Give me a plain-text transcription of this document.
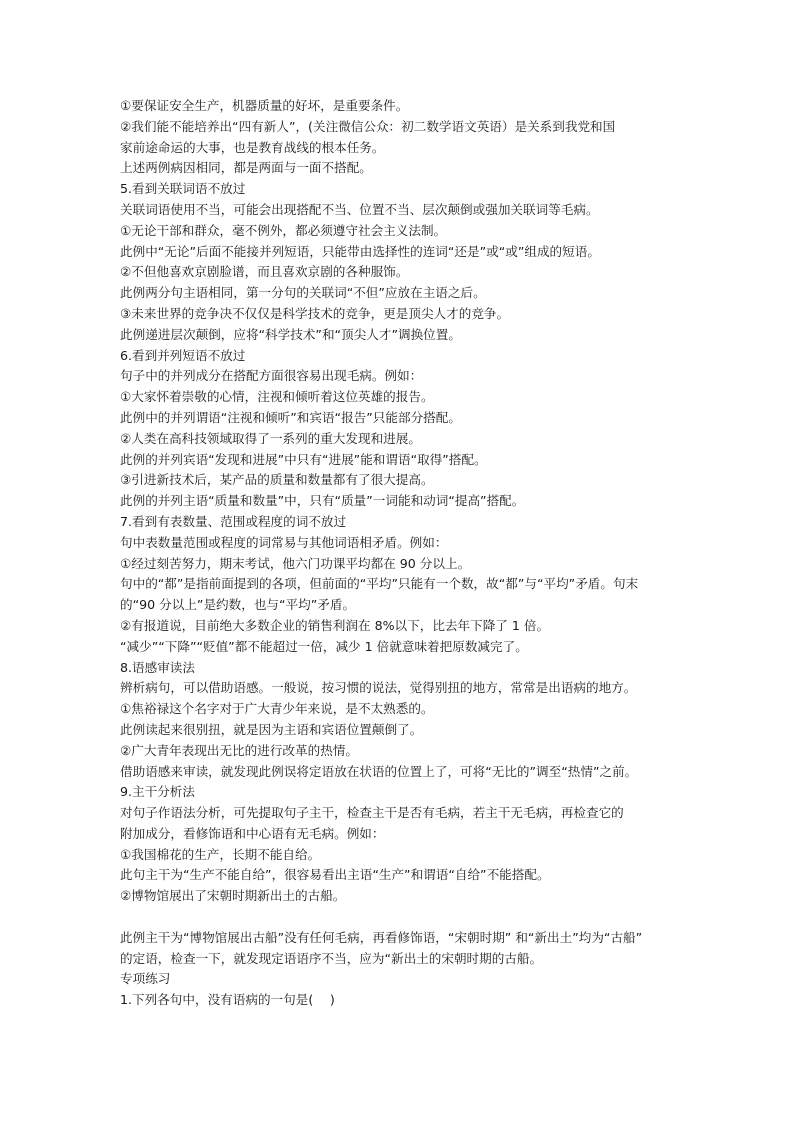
①要保证安全生产，机器质量的好坏，是重要条件。
②我们能不能培养出“四有新人”，(关注微信公众：初二数学语文英语）是关系到我党和国
家前途命运的大事，也是教育战线的根本任务。
上述两例病因相同，都是两面与一面不搭配。
5.看到关联词语不放过
关联词语使用不当，可能会出现搭配不当、位置不当、层次颠倒或强加关联词等毛病。
①无论干部和群众，毫不例外，都必须遵守社会主义法制。
此例中“无论”后面不能接并列短语，只能带由选择性的连词“还是”或“或”组成的短语。
②不但他喜欢京剧脸谱，而且喜欢京剧的各种服饰。
此例两分句主语相同，第一分句的关联词“不但”应放在主语之后。
③未来世界的竞争决不仅仅是科学技术的竞争，更是顶尖人才的竞争。
此例递进层次颠倒，应将“科学技术”和“顶尖人才”调换位置。
6.看到并列短语不放过
句子中的并列成分在搭配方面很容易出现毛病。例如：
①大家怀着崇敬的心情，注视和倾听着这位英雄的报告。
此例中的并列谓语“注视和倾听”和宾语“报告”只能部分搭配。
②人类在高科技领域取得了一系列的重大发现和进展。
此例的并列宾语“发现和进展”中只有“进展”能和谓语“取得”搭配。
③引进新技术后，某产品的质量和数量都有了很大提高。
此例的并列主语“质量和数量”中，只有“质量”一词能和动词“提高”搭配。
7.看到有表数量、范围或程度的词不放过
句中表数量范围或程度的词常易与其他词语相矛盾。例如：
①经过刻苦努力，期末考试，他六门功课平均都在 90 分以上。
句中的“都”是指前面提到的各项，但前面的“平均”只能有一个数，故“都”与“平均”矛盾。句末
的“90 分以上”是约数，也与“平均”矛盾。
②有报道说，目前绝大多数企业的销售利润在 8%以下，比去年下降了 1 倍。
“减少”“下降”“贬值”都不能超过一倍，减少 1 倍就意味着把原数减完了。
8.语感审读法
辨析病句，可以借助语感。一般说，按习惯的说法，觉得别扭的地方，常常是出语病的地方。
①焦裕禄这个名字对于广大青少年来说，是不太熟悉的。
此例读起来很别扭，就是因为主语和宾语位置颠倒了。
②广大青年表现出无比的进行改革的热情。
借助语感来审读，就发现此例误将定语放在状语的位置上了，可将“无比的”调至“热情”之前。
9.主干分析法
对句子作语法分析，可先提取句子主干，检查主干是否有毛病，若主干无毛病，再检查它的
附加成分，看修饰语和中心语有无毛病。例如：
①我国棉花的生产，长期不能自给。
此句主干为“生产不能自给”，很容易看出主语“生产”和谓语“自给”不能搭配。
②博物馆展出了宋朝时期新出土的古船。
此例主干为“博物馆展出古船”没有任何毛病，再看修饰语，“宋朝时期” 和“新出土”均为“古船”
的定语，检查一下，就发现定语语序不当，应为“新出土的宋朝时期的古船。
专项练习
1.下列各句中，没有语病的一句是(　 )
